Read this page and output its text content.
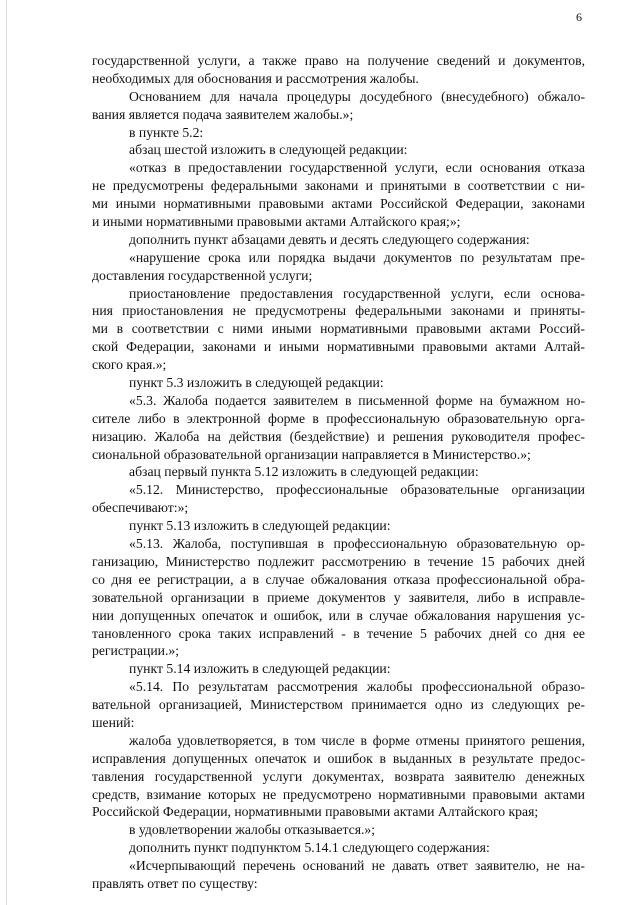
6
государственной услуги, а также право на получение сведений и документов,
необходимых для обоснования и рассмотрения жалобы.
Основанием для начала процедуры досудебного (внесудебного) обжало-
вания является подача заявителем жалобы.»;
в пункте 5.2:
абзац шестой изложить в следующей редакции:
«отказ в предоставлении государственной услуги, если основания отказа
не предусмотрены федеральными законами и принятыми в соответствии с ни-
ми иными нормативными правовыми актами Российской Федерации, законами
и иными нормативными правовыми актами Алтайского края;»;
дополнить пункт абзацами девять и десять следующего содержания:
«нарушение срока или порядка выдачи документов по результатам пре-
доставления государственной услуги;
приостановление предоставления государственной услуги, если основа-
ния приостановления не предусмотрены федеральными законами и приняты-
ми в соответствии с ними иными нормативными правовыми актами Россий-
ской Федерации, законами и иными нормативными правовыми актами Алтай-
ского края.»;
пункт 5.3 изложить в следующей редакции:
«5.3. Жалоба подается заявителем в письменной форме на бумажном но-
сителе либо в электронной форме в профессиональную образовательную орга-
низацию. Жалоба на действия (бездействие) и решения руководителя профес-
сиональной образовательной организации направляется в Министерство.»;
абзац первый пункта 5.12 изложить в следующей редакции:
«5.12. Министерство, профессиональные образовательные организации
обеспечивают:»;
пункт 5.13 изложить в следующей редакции:
«5.13. Жалоба, поступившая в профессиональную образовательную ор-
ганизацию, Министерство подлежит рассмотрению в течение 15 рабочих дней
со дня ее регистрации, а в случае обжалования отказа профессиональной обра-
зовательной организации в приеме документов у заявителя, либо в исправле-
нии допущенных опечаток и ошибок, или в случае обжалования нарушения ус-
тановленного срока таких исправлений - в течение 5 рабочих дней со дня ее
регистрации.»;
пункт 5.14 изложить в следующей редакции:
«5.14. По результатам рассмотрения жалобы профессиональной образо-
вательной организацией, Министерством принимается одно из следующих ре-
шений:
жалоба удовлетворяется, в том числе в форме отмены принятого решения,
исправления допущенных опечаток и ошибок в выданных в результате предос-
тавления государственной услуги документах, возврата заявителю денежных
средств, взимание которых не предусмотрено нормативными правовыми актами
Российской Федерации, нормативными правовыми актами Алтайского края;
в удовлетворении жалобы отказывается.»;
дополнить пункт подпунктом 5.14.1 следующего содержания:
«Исчерпывающий перечень оснований не давать ответ заявителю, не на-
правлять ответ по существу:
